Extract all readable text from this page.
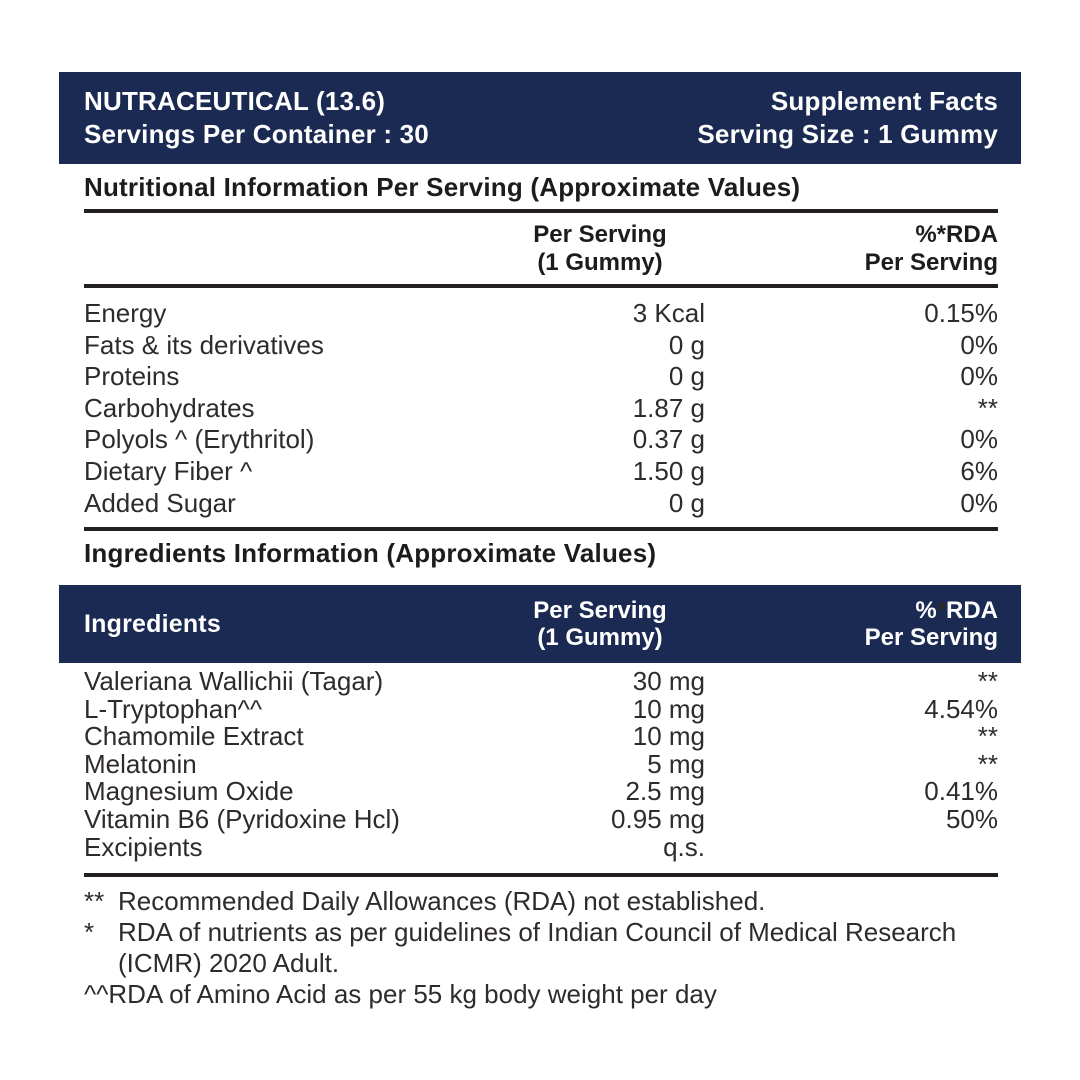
NUTRACEUTICAL (13.6)
Servings Per Container : 30
Supplement Facts
Serving Size : 1 Gummy
Nutritional Information Per Serving (Approximate Values)
Per Serving
(1 Gummy)
%*RDA
Per Serving
Energy	3 Kcal	0.15%
Fats & its derivatives	0 g	0%
Proteins	0 g	0%
Carbohydrates	1.87 g	**
Polyols ^ (Erythritol)	0.37 g	0%
Dietary Fiber ^	1.50 g	6%
Added Sugar	0 g	0%
Ingredients Information (Approximate Values)
Ingredients	Per Serving
(1 Gummy)
%*RDA
Per Serving
Valeriana Wallichii (Tagar)	30 mg	**
L-Tryptophan^^	10 mg	4.54%
Chamomile Extract	10 mg	**
Melatonin	5 mg	**
Magnesium Oxide	2.5 mg	0.41%
Vitamin B6 (Pyridoxine Hcl)	0.95 mg	50%
Excipients	q.s.
** Recommended Daily Allowances (RDA) not established.
* RDA of nutrients as per guidelines of Indian Council of Medical Research
(ICMR) 2020 Adult.
^^RDA of Amino Acid as per 55 kg body weight per day
